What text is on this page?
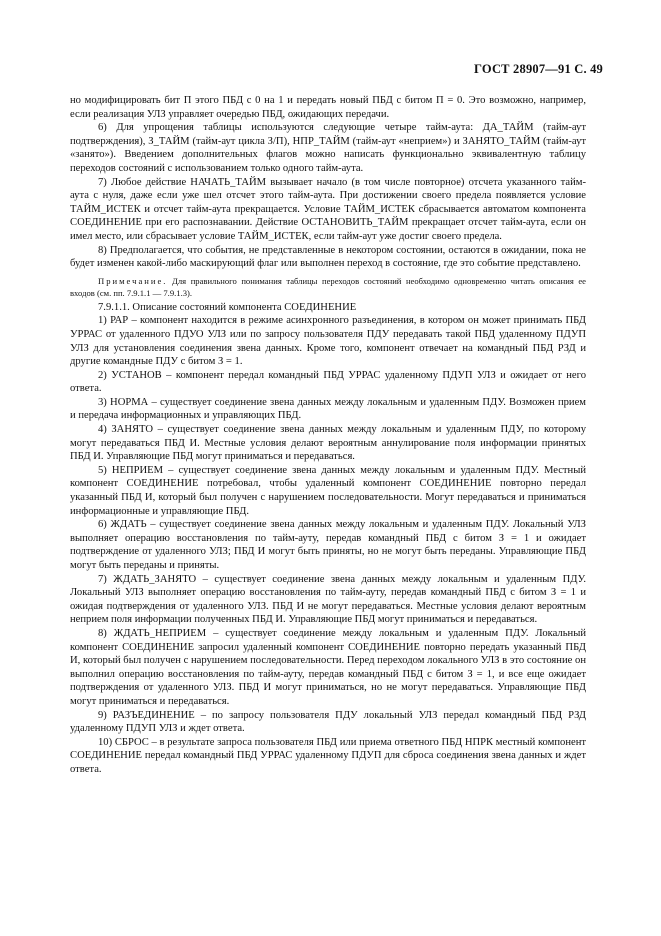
ГОСТ 28907—91 С. 49

но модифицировать бит П этого ПБД с 0 на 1 и передать новый ПБД с битом П = 0. Это возможно, например, если реализация УЛЗ управляет очередью ПБД, ожидающих передачи.

6) Для упрощения таблицы используются следующие четыре тайм-аута: ДА_ТАЙМ (тайм-аут подтверждения), З_ТАЙМ (тайм-аут цикла З/П), НПР_ТАЙМ (тайм-аут «неприем») и ЗАНЯТО_ТАЙМ (тайм-аут «занято»). Введением дополнительных флагов можно написать функционально эквивалентную таблицу переходов состояний с использованием только одного тайм-аута.

7) Любое действие НАЧАТЬ_ТАЙМ вызывает начало (в том числе повторное) отсчета указанного тайм-аута с нуля, даже если уже шел отсчет этого тайм-аута. При достижении своего предела появляется условие ТАЙМ_ИСТЕК и отсчет тайм-аута прекращается. Условие ТАЙМ_ИСТЕК сбрасывается автоматом компонента СОЕДИНЕНИЕ при его распознавании. Действие ОСТАНОВИТЬ_ТАЙМ прекращает отсчет тайм-аута, если он имел место, или сбрасывает условие ТАЙМ_ИСТЕК, если тайм-аут уже достиг своего предела.

8) Предполагается, что события, не представленные в некотором состоянии, остаются в ожидании, пока не будет изменен какой-либо маскирующий флаг или выполнен переход в состояние, где это событие представлено.

Примечание. Для правильного понимания таблицы переходов состояний необходимо одновременно читать описания ее входов (см. пп. 7.9.1.1 — 7.9.1.3).

7.9.1.1. Описание состояний компонента СОЕДИНЕНИЕ

1) РАР – компонент находится в режиме асинхронного разъединения, в котором он может принимать ПБД УРРАС от удаленного ПДУО УЛЗ или по запросу пользователя ПДУ передавать такой ПБД удаленному ПДУП УЛЗ для установления соединения звена данных. Кроме того, компонент отвечает на командный ПБД РЗД и другие командные ПДУ с битом З = 1.

2) УСТАНОВ – компонент передал командный ПБД УРРАС удаленному ПДУП УЛЗ и ожидает от него ответа.

3) НОРМА – существует соединение звена данных между локальным и удаленным ПДУ. Возможен прием и передача информационных и управляющих ПБД.

4) ЗАНЯТО – существует соединение звена данных между локальным и удаленным ПДУ, по которому могут передаваться ПБД И. Местные условия делают вероятным аннулирование поля информации принятых ПБД И. Управляющие ПБД могут приниматься и передаваться.

5) НЕПРИЕМ – существует соединение звена данных между локальным и удаленным ПДУ. Местный компонент СОЕДИНЕНИЕ потребовал, чтобы удаленный компонент СОЕДИНЕНИЕ повторно передал указанный ПБД И, который был получен с нарушением последовательности. Могут передаваться и приниматься информационные и управляющие ПБД.

6) ЖДАТЬ – существует соединение звена данных между локальным и удаленным ПДУ. Локальный УЛЗ выполняет операцию восстановления по тайм-ауту, передав командный ПБД с битом З = 1 и ожидает подтверждение от удаленного УЛЗ; ПБД И могут быть приняты, но не могут быть переданы. Управляющие ПБД могут быть переданы и приняты.

7) ЖДАТЬ_ЗАНЯТО – существует соединение звена данных между локальным и удаленным ПДУ. Локальный УЛЗ выполняет операцию восстановления по тайм-ауту, передав командный ПБД с битом З = 1 и ожидая подтверждения от удаленного УЛЗ. ПБД И не могут передаваться. Местные условия делают вероятным неприем поля информации полученных ПБД И. Управляющие ПБД могут приниматься и передаваться.

8) ЖДАТЬ_НЕПРИЕМ – существует соединение между локальным и удаленным ПДУ. Локальный компонент СОЕДИНЕНИЕ запросил удаленный компонент СОЕДИНЕНИЕ повторно передать указанный ПБД И, который был получен с нарушением последовательности. Перед переходом локального УЛЗ в это состояние он выполнил операцию восстановления по тайм-ауту, передав командный ПБД с битом З = 1, и все еще ожидает подтверждения от удаленного УЛЗ. ПБД И могут приниматься, но не могут передаваться. Управляющие ПБД могут приниматься и передаваться.

9) РАЗЪЕДИНЕНИЕ – по запросу пользователя ПДУ локальный УЛЗ передал командный ПБД РЗД удаленному ПДУП УЛЗ и ждет ответа.

10) СБРОС – в результате запроса пользователя ПБД или приема ответного ПБД НПРК местный компонент СОЕДИНЕНИЕ передал командный ПБД УРРАС удаленному ПДУП для сброса соединения звена данных и ждет ответа.
